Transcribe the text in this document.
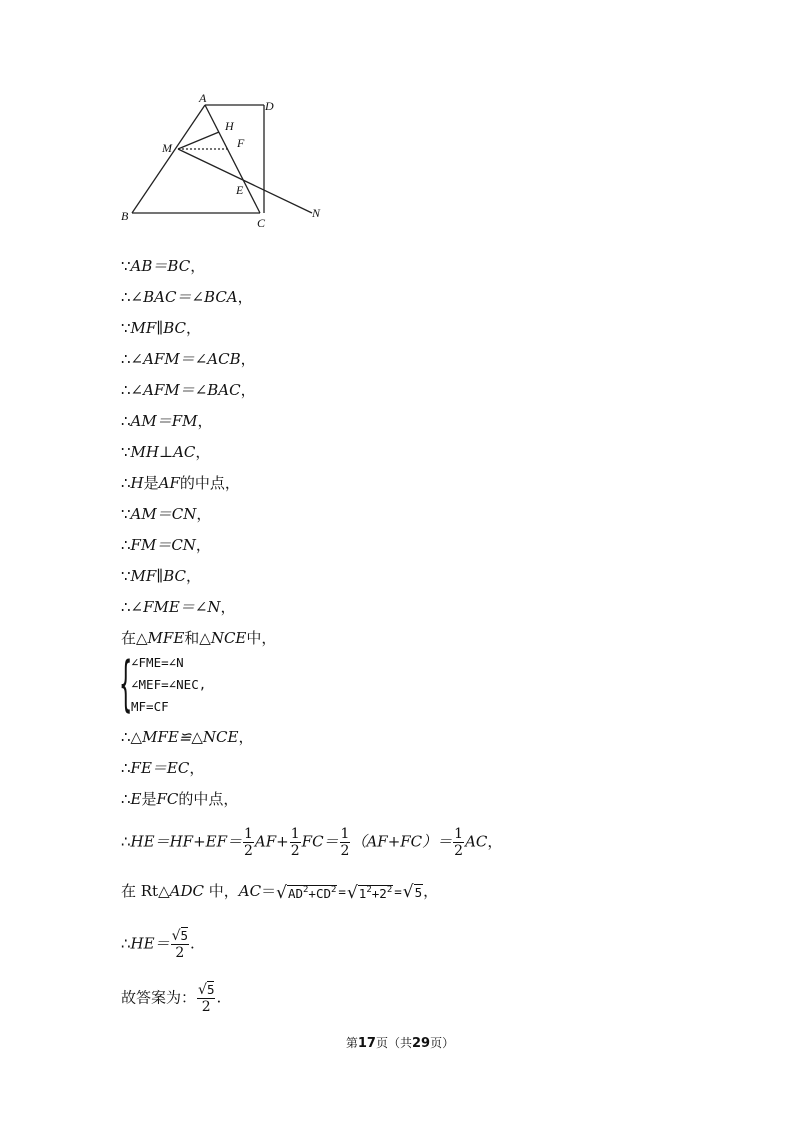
A
D
H
M	F
E
B	C
N
∵AB＝BC，
∴∠BAC＝∠BCA，
∵MF∥BC，
∴∠AFM＝∠ACB，
∴∠AFM＝∠BAC，
∴AM＝FM，
∵MH⊥AC，
∴H是AF的中点，
∵AM＝CN，
∴FM＝CN，
∵MF∥BC，
∴∠FME＝∠N，
在△MFE和△NCE中，
{
∠FME=∠N
∠MEF=∠NEC,
MF=CF
∴△MFE≌△NCE，
∴FE＝EC，
∴E是FC的中点，
∴HE＝HF+EF＝ $\frac{1}{2} AF+ \frac{1}{2} FC= \frac{1}{2} (AF+FC)= \frac{1}{2}$ AC，
在 Rt△ADC 中，$AC=√AD^2+CD^2 =√1^2+2^2 =√5$，
∴HE＝ $\frac{√5}{2}$ .
故答案为： $\frac{√5}{2}$ .
第17页（共29页）
